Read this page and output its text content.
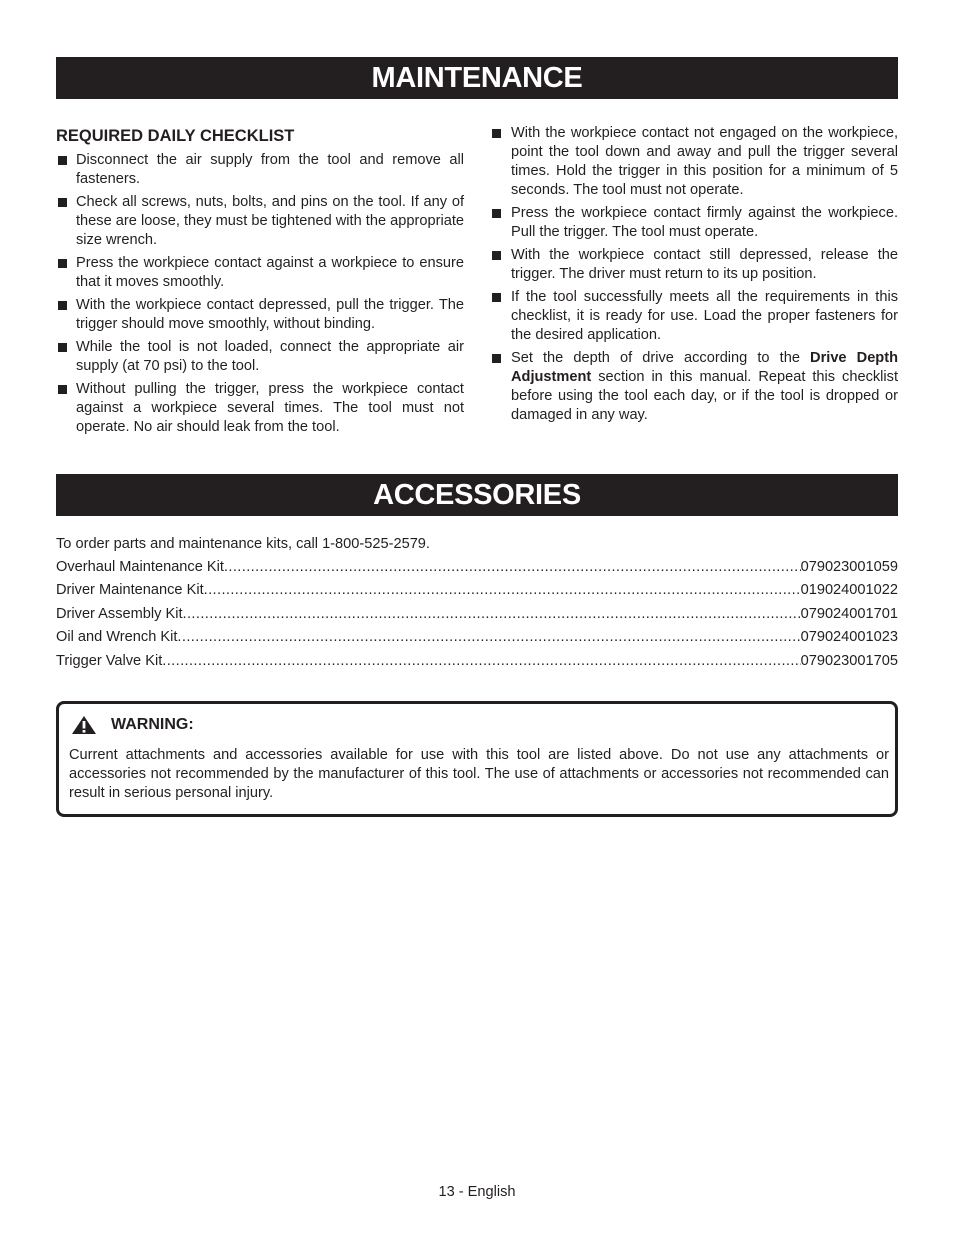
MAINTENANCE
REQUIRED DAILY CHECKLIST
Disconnect the air supply from the tool and remove all fasteners.
Check all screws, nuts, bolts, and pins on the tool. If any of these are loose, they must be tightened with the appropriate size wrench.
Press the workpiece contact against a workpiece to ensure that it moves smoothly.
With the workpiece contact depressed, pull the trigger. The trigger should move smoothly, without binding.
While the tool is not loaded, connect the appropriate air supply (at 70 psi) to the tool.
Without pulling the trigger, press the workpiece contact against a workpiece several times. The tool must not operate. No air should leak from the tool.
With the workpiece contact not engaged on the workpiece, point the tool down and away and pull the trigger several times. Hold the trigger in this position for a minimum of 5 seconds. The tool must not operate.
Press the workpiece contact firmly against the workpiece. Pull the trigger. The tool must operate.
With the workpiece contact still depressed, release the trigger. The driver must return to its up position.
If the tool successfully meets all the requirements in this checklist, it is ready for use. Load the proper fasteners for the desired application.
Set the depth of drive according to the Drive Depth Adjustment section in this manual. Repeat this checklist before using the tool each day, or if the tool is dropped or damaged in any way.
ACCESSORIES
To order parts and maintenance kits, call 1-800-525-2579.
Overhaul Maintenance Kit .....	079023001059
Driver Maintenance Kit .....	019024001022
Driver Assembly Kit .....	079024001701
Oil and Wrench Kit .....	079024001023
Trigger Valve Kit .....	079023001705
WARNING:
Current attachments and accessories available for use with this tool are listed above. Do not use any attachments or accessories not recommended by the manufacturer of this tool. The use of attachments or accessories not recommended can result in serious personal injury.
13 - English
